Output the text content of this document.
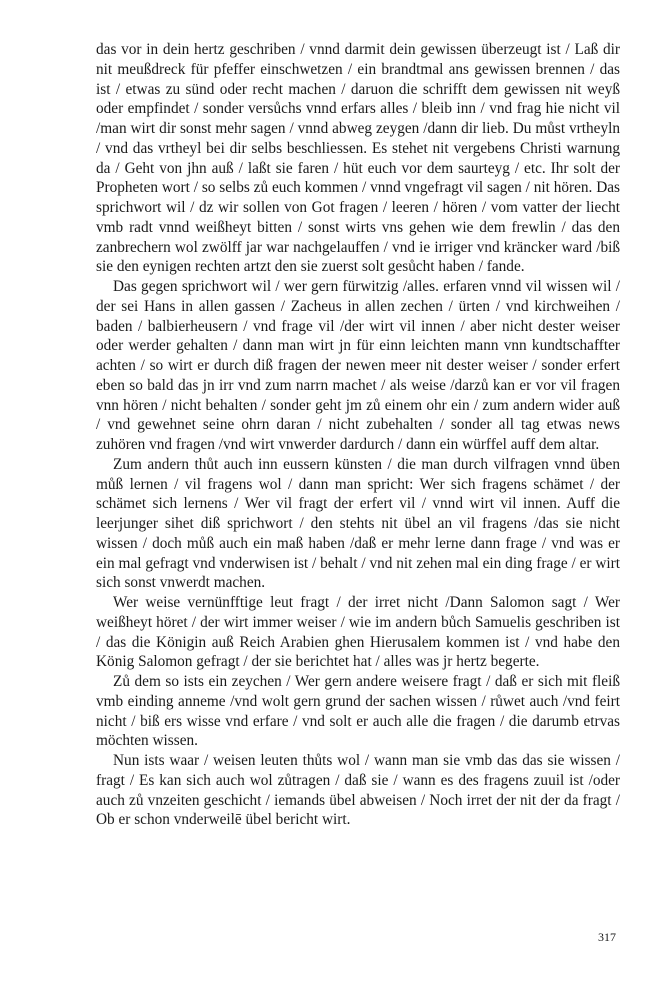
das vor in dein hertz geschriben / vnnd darmit dein gewissen überzeugt ist / Laß dir nit meußdreck für pfeffer einschwetzen / ein brandtmal ans gewissen brennen / das ist / etwas zu sünd oder recht machen / daruon die schrifft dem gewissen nit weyß oder empfindet / sonder versůchs vnnd erfars alles / bleib inn / vnd frag hie nicht vil /man wirt dir sonst mehr sagen / vnnd abweg zeygen /dann dir lieb. Du můst vrtheyln / vnd das vrtheyl bei dir selbs beschliessen. Es stehet nit vergebens Christi warnung da / Geht von jhn auß / laßt sie faren / hüt euch vor dem saurteyg / etc. Ihr solt der Propheten wort / so selbs zů euch kommen / vnnd vngefragt vil sagen / nit hören. Das sprichwort wil / dz wir sollen von Got fragen / leeren / hören / vom vatter der liecht vmb radt vnnd weißheyt bitten / sonst wirts vns gehen wie dem frewlin / das den zanbrechern wol zwölff jar war nachgelauffen / vnd ie irriger vnd kräncker ward /biß sie den eynigen rechten artzt den sie zuerst solt gesůcht haben / fande.

Das gegen sprichwort wil / wer gern fürwitzig /alles. erfaren vnnd vil wissen wil / der sei Hans in allen gassen / Zacheus in allen zechen / ürten / vnd kirchweihen / baden / balbierheusern / vnd frage vil /der wirt vil innen / aber nicht dester weiser oder werder gehalten / dann man wirt jn für einn leichten mann vnn kundtschaffter achten / so wirt er durch diß fragen der newen meer nit dester weiser / sonder erfert eben so bald das jn irr vnd zum narrn machet / als weise /darzů kan er vor vil fragen vnn hören / nicht behalten / sonder geht jm zů einem ohr ein / zum andern wider auß / vnd gewehnet seine ohrn daran / nicht zubehalten / sonder all tag etwas news zuhören vnd fragen /vnd wirt vnwerder dardurch / dann ein würffel auff dem altar.

Zum andern thůt auch inn eussern künsten / die man durch vilfragen vnnd üben můß lernen / vil fragens wol / dann man spricht: Wer sich fragens schämet / der schämet sich lernens / Wer vil fragt der erfert vil / vnnd wirt vil innen. Auff die leerjunger sihet diß sprichwort / den stehts nit übel an vil fragens /das sie nicht wissen / doch můß auch ein maß haben /daß er mehr lerne dann frage / vnd was er ein mal gefragt vnd vnderwisen ist / behalt / vnd nit zehen mal ein ding frage / er wirt sich sonst vnwerdt machen.

Wer weise vernünfftige leut fragt / der irret nicht /Dann Salomon sagt / Wer weißheyt höret / der wirt immer weiser / wie im andern bůch Samuelis geschriben ist / das die Königin auß Reich Arabien ghen Hierusalem kommen ist / vnd habe den König Salomon gefragt / der sie berichtet hat / alles was jr hertz begerte.

Zů dem so ists ein zeychen / Wer gern andere weisere fragt / daß er sich mit fleiß vmb einding anneme /vnd wolt gern grund der sachen wissen / růwet auch /vnd feirt nicht / biß ers wisse vnd erfare / vnd solt er auch alle die fragen / die darumb etrvas möchten wissen.

Nun ists waar / weisen leuten thůts wol / wann man sie vmb das das sie wissen / fragt / Es kan sich auch wol zůtragen / daß sie / wann es des fragens zuuil ist /oder auch zů vnzeiten geschicht / iemands übel abweisen / Noch irret der nit der da fragt / Ob er schon vnderweilē übel bericht wirt.

317
